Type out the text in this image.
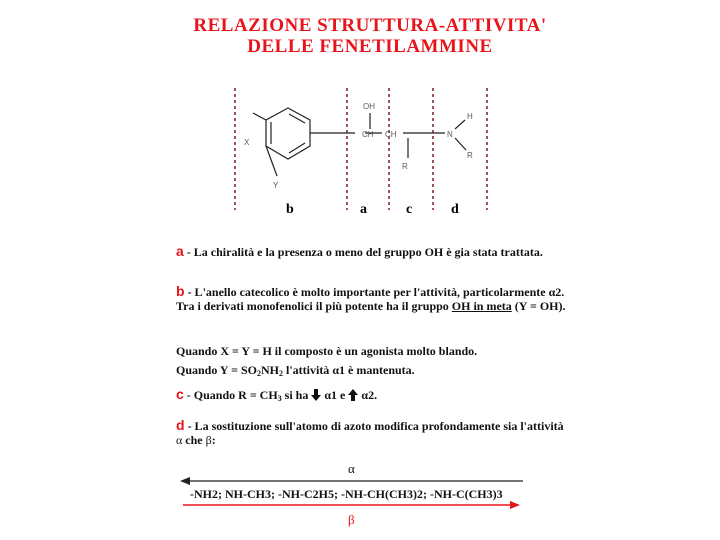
RELAZIONE STRUTTURA-ATTIVITA'
DELLE FENETILAMMINE
OH
CH CH	N
H
R
R
X
Y
b	a	c	d
a - La chiralità e la presenza o meno del gruppo OH è gia stata trattata.
b - L'anello catecolico è molto importante per l'attività, particolarmente α2. Tra i derivati monofenolici il più potente ha il gruppo OH in meta (Y = OH).
Quando X = Y = H il composto è un agonista molto blando.
Quando $Y = SO_2NH_2$ l'attività α1 è mantenuta.
c - Quando $R = CH_3$ si ha  α1 e  α2.
d - La sostituzione sull'atomo di azoto modifica profondamente sia l'attività α che β:
α
β
-NH2; NH-CH3; -NH-C2H5; -NH-CH(CH3)2; -NH-C(CH3)3
